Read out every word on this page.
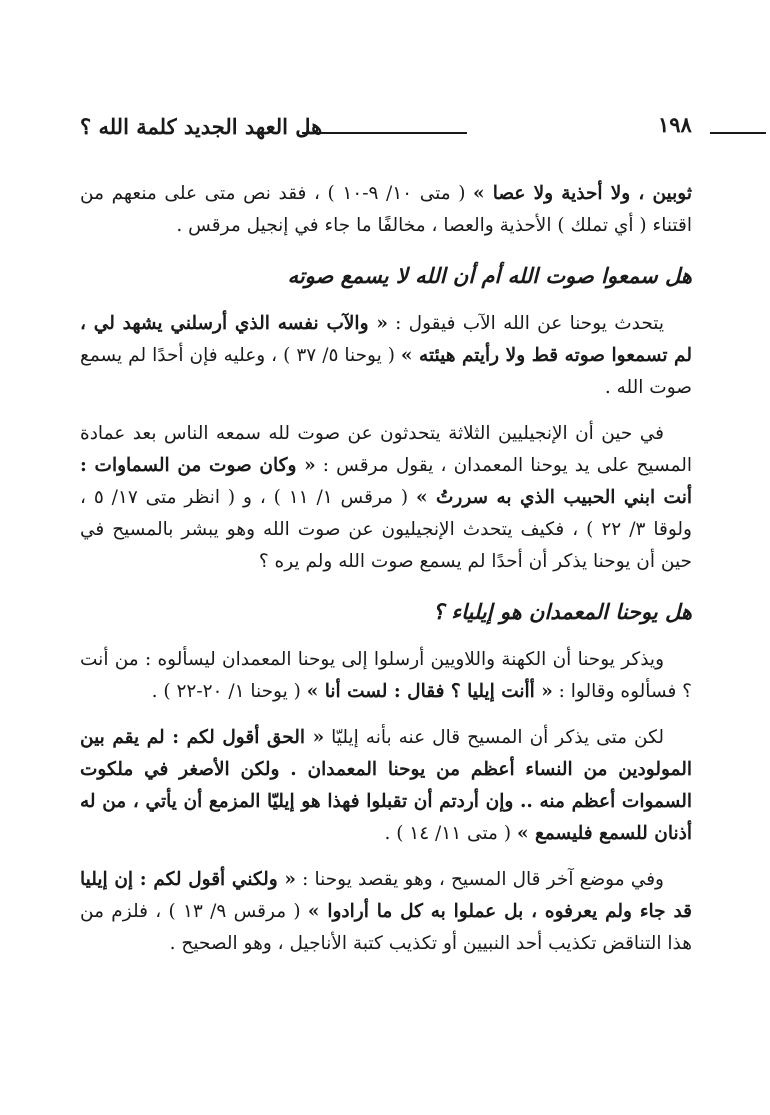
هل العهد الجديد كلمة الله ؟	١٩٨

ثوبين ، ولا أحذية ولا عصا » ( متى ١٠/ ٩-١٠ ) ، فقد نص متى على منعهم من اقتناء ( أي تملك ) الأحذية والعصا ، مخالفًا ما جاء في إنجيل مرقس .

هل سمعوا صوت الله أم أن الله لا يسمع صوته

يتحدث يوحنا عن الله الآب فيقول : « والآب نفسه الذي أرسلني يشهد لي ، لم تسمعوا صوته قط ولا رأيتم هيئته » ( يوحنا ٥/ ٣٧ ) ، وعليه فإن أحدًا لم يسمع صوت الله .

في حين أن الإنجيليين الثلاثة يتحدثون عن صوت لله سمعه الناس بعد عمادة المسيح على يد يوحنا المعمدان ، يقول مرقس : « وكان صوت من السماوات : أنت ابني الحبيب الذي به سررتُ » ( مرقس ١/ ١١ ) ، و ( انظر متى ١٧/ ٥ ، ولوقا ٣/ ٢٢ ) ، فكيف يتحدث الإنجيليون عن صوت الله وهو يبشر بالمسيح في حين أن يوحنا يذكر أن أحدًا لم يسمع صوت الله ولم يره ؟

هل يوحنا المعمدان هو إيلياء ؟

ويذكر يوحنا أن الكهنة واللاويين أرسلوا إلى يوحنا المعمدان ليسألوه : من أنت ؟ فسألوه وقالوا : « أأنت إيليا ؟ فقال : لست أنا » ( يوحنا ١/ ٢٠-٢٢ ) .

لكن متى يذكر أن المسيح قال عنه بأنه إيليّا « الحق أقول لكم : لم يقم بين المولودين من النساء أعظم من يوحنا المعمدان . ولكن الأصغر في ملكوت السموات أعظم منه .. وإن أردتم أن تقبلوا فهذا هو إيليّا المزمع أن يأتي ، من له أذنان للسمع فليسمع » ( متى ١١/ ١٤ ) .

وفي موضع آخر قال المسيح ، وهو يقصد يوحنا : « ولكني أقول لكم : إن إيليا قد جاء ولم يعرفوه ، بل عملوا به كل ما أرادوا » ( مرقس ٩/ ١٣ ) ، فلزم من هذا التناقض تكذيب أحد النبيين أو تكذيب كتبة الأناجيل ، وهو الصحيح .
